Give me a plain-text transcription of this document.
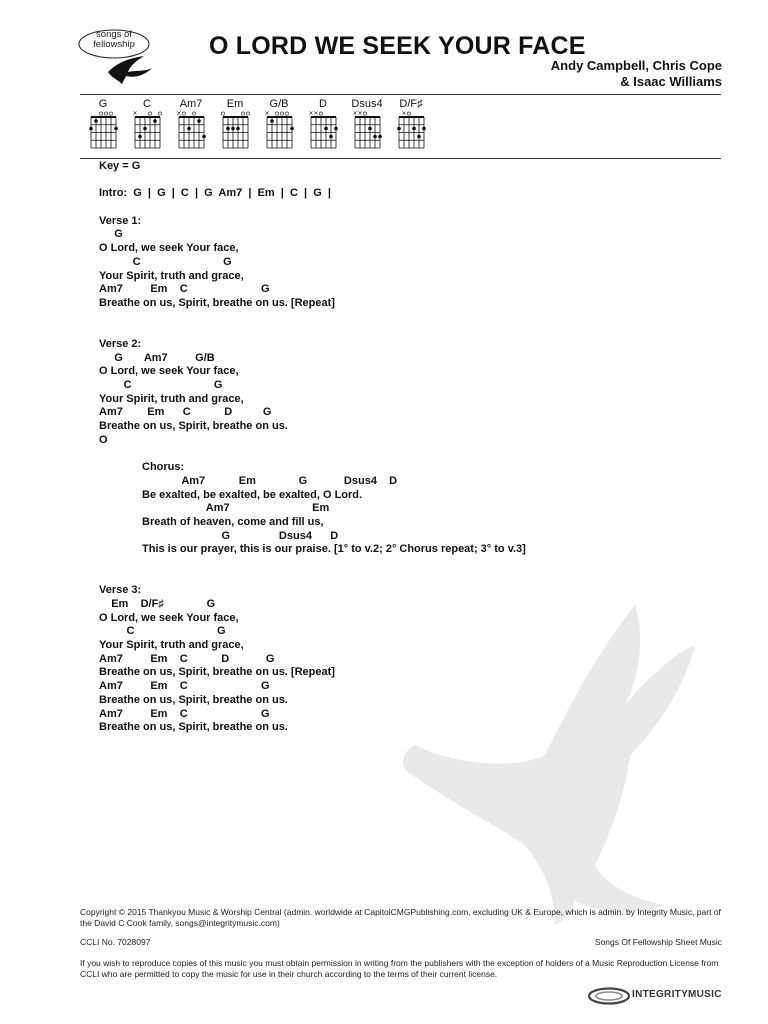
songs of
fellowship	O LORD WE SEEK YOUR FACE
Andy Campbell, Chris Cope
& Isaac Williams
G	C
×
Am7
×
Em	G/B
×
D
× ×
Dsus4
× ×
D/F♯
×
Key = G
Intro:  G  |  G  |  C  |  G  Am7  |  Em  |  C  |  G  |
Verse 1:
G
O Lord, we seek Your face,
C                           G
Your Spirit, truth and grace,
Am7         Em    C                        G
Breathe on us, Spirit, breathe on us. [Repeat]
Verse 2:
G       Am7         G/B
O Lord, we seek Your face,
C                           G
Your Spirit, truth and grace,
Am7        Em      C           D          G
Breathe on us, Spirit, breathe on us.
O
Chorus:
Am7           Em              G            Dsus4    D
Be exalted, be exalted, be exalted, O Lord.
Am7                           Em
Breath of heaven, come and fill us,
G                Dsus4      D
This is our prayer, this is our praise. [1° to v.2; 2° Chorus repeat; 3° to v.3]
Verse 3:
Em    D/F♯              G
O Lord, we seek Your face,
C                           G
Your Spirit, truth and grace,
Am7         Em    C           D            G
Breathe on us, Spirit, breathe on us. [Repeat]
Am7         Em    C                        G
Breathe on us, Spirit, breathe on us.
Am7         Em    C                        G
Breathe on us, Spirit, breathe on us.
Copyright © 2015 Thankyou Music & Worship Central (admin. worldwide at CapitolCMGPublishing.com, excluding UK & Europe, which is admin. by Integrity Music, part of the David C Cook family, songs@integritymusic.com)
CCLI No. 7028097	Songs Of Fellowship Sheet Music
If you wish to reproduce copies of this music you must obtain permission in writing from the publishers with the exception of holders of a Music Reproduction License from CCLI who are permitted to copy the music for use in their church according to the terms of their current license.
INTEGRITYMUSIC
